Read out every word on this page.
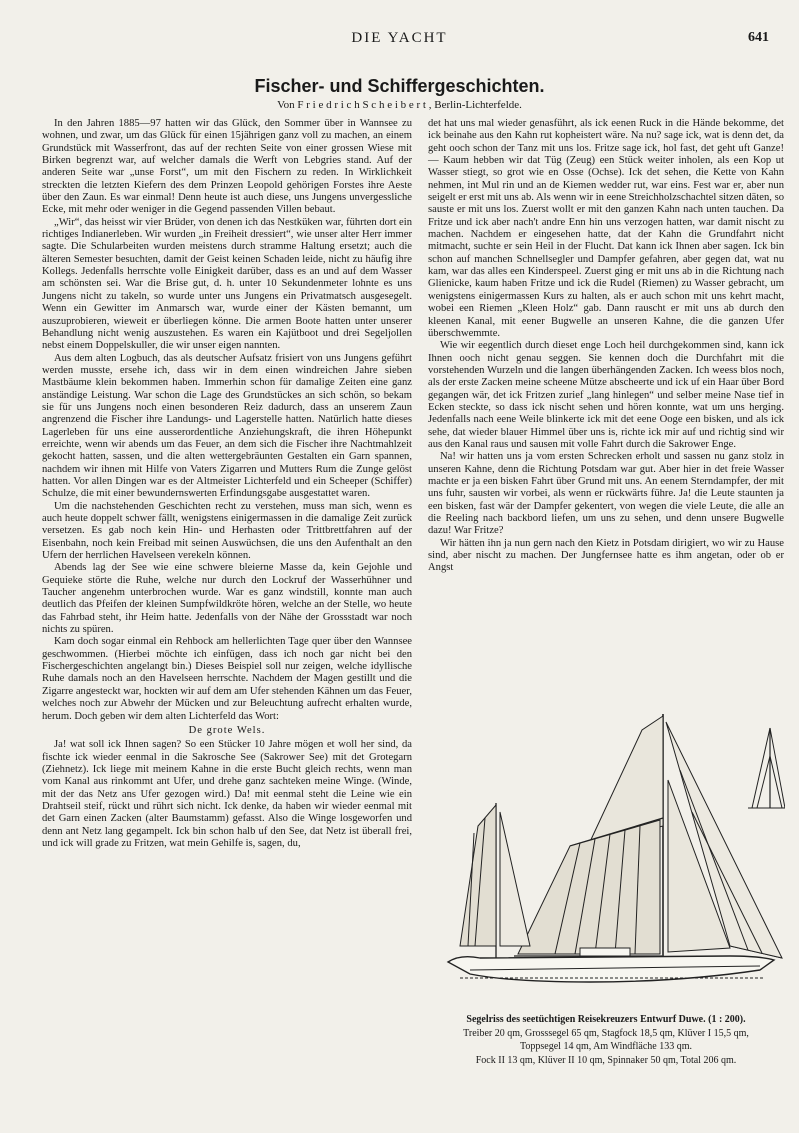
DIE YACHT	641
Fischer- und Schiffergeschichten.
Von F r i e d r i c h S c h e i b e r t , Berlin-Lichterfelde.

In den Jahren 1885—97 hatten wir das Glück, den Sommer über in Wannsee zu wohnen, und zwar, um das Glück für einen 15jährigen ganz voll zu machen, an einem Grundstück mit Wasserfront, das auf der rechten Seite von einer grossen Wiese mit Birken begrenzt war, auf welcher damals die Werft von Lebgries stand. Auf der anderen Seite war „unse Forst“, um mit den Fischern zu reden. In Wirklichkeit streckten die letzten Kiefern des dem Prinzen Leopold gehörigen Forstes ihre Aeste über den Zaun. Es war einmal! Denn heute ist auch diese, uns Jungens unvergessliche Ecke, mit mehr oder weniger in die Gegend passenden Villen bebaut.

„Wir“, das heisst wir vier Brüder, von denen ich das Nestküken war, führten dort ein richtiges Indianerleben. Wir wurden „in Freiheit dressiert“, wie unser alter Herr immer sagte. Die Schularbeiten wurden meistens durch stramme Haltung ersetzt; auch die älteren Semester besuchten, damit der Geist keinen Schaden leide, nicht zu häufig ihre Kollegs. Jedenfalls herrschte volle Einigkeit darüber, dass es an und auf dem Wasser am schönsten sei. War die Brise gut, d. h. unter 10 Sekundenmeter lohnte es uns Jungens nicht zu takeln, so wurde unter uns Jungens ein Privatmatsch ausgesegelt. Wenn ein Gewitter im Anmarsch war, wurde einer der Kästen bemannt, um auszuprobieren, wieweit er überliegen könne. Die armen Boote hatten unter unserer Behandlung nicht wenig auszustehen. Es waren ein Kajütboot und drei Segeljollen nebst einem Doppelskuller, die wir unser eigen nannten.

Aus dem alten Logbuch, das als deutscher Aufsatz frisiert von uns Jungens geführt werden musste, ersehe ich, dass wir in dem einen windreichen Jahre sieben Mastbäume klein bekommen haben. Immerhin schon für damalige Zeiten eine ganz anständige Leistung. War schon die Lage des Grundstückes an sich schön, so bekam sie für uns Jungens noch einen besonderen Reiz dadurch, dass an unserem Zaun angrenzend die Fischer ihre Landungs- und Lagerstelle hatten. Natürlich hatte dieses Lagerleben für uns eine ausserordentliche Anziehungskraft, die ihren Höhepunkt erreichte, wenn wir abends um das Feuer, an dem sich die Fischer ihre Nachtmahlzeit gekocht hatten, sassen, und die alten wettergebräunten Gestalten ein Garn spannen, nachdem wir ihnen mit Hilfe von Vaters Zigarren und Mutters Rum die Zunge gelöst hatten. Vor allen Dingen war es der Altmeister Lichterfeld und ein Scheeper (Schiffer) Schulze, die mit einer bewundernswerten Erfindungsgabe ausgestattet waren.

Um die nachstehenden Geschichten recht zu verstehen, muss man sich, wenn es auch heute doppelt schwer fällt, wenigstens einigermassen in die damalige Zeit zurück versetzen. Es gab noch kein Hin- und Herhasten oder Trittbrettfahren auf der Eisenbahn, noch kein Freibad mit seinen Auswüchsen, die uns den Aufenthalt an den Ufern der herrlichen Havelseen verekeln können.

Abends lag der See wie eine schwere bleierne Masse da, kein Gejohle und Gequieke störte die Ruhe, welche nur durch den Lockruf der Wasserhühner und Taucher angenehm unterbrochen wurde. War es ganz windstill, konnte man auch deutlich das Pfeifen der kleinen Sumpfwildkröte hören, welche an der Stelle, wo heute das Fahrbad steht, ihr Heim hatte. Jedenfalls von der Nähe der Grossstadt war noch nichts zu spüren.

Kam doch sogar einmal ein Rehbock am hellerlichten Tage quer über den Wannsee geschwommen. (Hierbei möchte ich einfügen, dass ich noch gar nicht bei den Fischergeschichten angelangt bin.) Dieses Beispiel soll nur zeigen, welche idyllische Ruhe damals noch an den Havelseen herrschte. Nachdem der Magen gestillt und die Zigarre angesteckt war, hockten wir auf dem am Ufer stehenden Kähnen um das Feuer, welches noch zur Abwehr der Mücken und zur Beleuchtung aufrecht erhalten wurde, herum. Doch geben wir dem alten Lichterfeld das Wort:

De grote Wels.

Ja! wat soll ick Ihnen sagen? So een Stücker 10 Jahre mögen et woll her sind, da fischte ick wieder eenmal in die Sakrosche See (Sakrower See) mit det Grotegarn (Ziehnetz). Ick liege mit meinem Kahne in die erste Bucht gleich rechts, wenn man vom Kanal aus rinkommt ant Ufer, und drehe ganz sachteken meine Winge. (Winde, mit der das Netz ans Ufer gezogen wird.) Da! mit eenmal steht die Leine wie ein Drahtseil steif, rückt und rührt sich nicht. Ick denke, da haben wir wieder eenmal mit det Garn einen Zacken (alter Baumstamm) gefasst. Also die Winge losgeworfen und denn ant Netz lang gegampelt. Ick bin schon halb uf den See, dat Netz ist überall frei, und ick will grade zu Fritzen, wat mein Gehilfe is, sagen, du,

det hat uns mal wieder genasführt, als ick eenen Ruck in die Hände bekomme, det ick beinahe aus den Kahn rut kopheistert wäre. Na nu? sage ick, wat is denn det, da geht ooch schon der Tanz mit uns los. Fritze sage ick, hol fast, det geht uft Ganze! — Kaum hebben wir dat Tüg (Zeug) een Stück weiter inholen, als een Kop ut Wasser stiegt, so grot wie en Osse (Ochse). Ick det sehen, die Kette von Kahn nehmen, int Mul rin und an de Kiemen wedder rut, war eins. Fest war er, aber nun seigelt er erst mit uns ab. Als wenn wir in eene Streichholzschachtel sitzen däten, so sauste er mit uns los. Zuerst wollt er mit den ganzen Kahn nach unten tauchen. Da Fritze und ick aber nach't andre Enn hin uns verzogen hatten, war damit nischt zu machen. Nachdem er eingesehen hatte, dat der Kahn die Grundfahrt nicht mitmacht, suchte er sein Heil in der Flucht. Dat kann ick Ihnen aber sagen. Ick bin schon auf manchen Schnellsegler und Dampfer gefahren, aber gegen dat, wat nu kam, war das alles een Kinderspeel. Zuerst ging er mit uns ab in die Richtung nach Glienicke, kaum haben Fritze und ick die Rudel (Riemen) zu Wasser gebracht, um wenigstens einigermassen Kurs zu halten, als er auch schon mit uns kehrt macht, wobei een Riemen „Kleen Holz“ gab. Dann rauscht er mit uns ab durch den kleenen Kanal, mit eener Bugwelle an unseren Kahne, die die ganzen Ufer überschwemmte.

Wie wir eegentlich durch dieset enge Loch heil durchgekommen sind, kann ick Ihnen ooch nicht genau seggen. Sie kennen doch die Durchfahrt mit die vorstehenden Wurzeln und die langen überhängenden Zacken. Ich weess blos noch, als der erste Zacken meine scheene Mütze abscheerte und ick uf ein Haar über Bord gegangen wär, det ick Fritzen zurief „lang hinlegen“ und selber meine Nase tief in Ecken steckte, so dass ick nischt sehen und hören konnte, wat um uns herging. Jedenfalls nach eene Weile blinkerte ick mit det eene Ooge een bisken, und als ick sehe, dat wieder blauer Himmel über uns is, richte ick mir auf und richtig sind wir aus den Kanal raus und sausen mit volle Fahrt durch die Sakrower Enge.

Na! wir hatten uns ja vom ersten Schrecken erholt und sassen nu ganz stolz in unseren Kahne, denn die Richtung Potsdam war gut. Aber hier in det freie Wasser machte er ja een bisken Fahrt über Grund mit uns. An eenem Sterndampfer, der mit uns fuhr, sausten wir vorbei, als wenn er rückwärts führe. Ja! die Leute staunten ja een bisken, fast wär der Dampfer gekentert, von wegen die viele Leute, die alle an die Reeling nach backbord liefen, um uns zu sehen, und denn unsere Bugwelle dazu! War Fritze?

Wir hätten ihn ja nun gern nach den Kietz in Potsdam dirigiert, wo wir zu Hause sind, aber nischt zu machen. Der Jungfernsee hatte es ihm angetan, oder ob er Angst

Segelriss des seetüchtigen Reisekreuzers Entwurf Duwe. (1 : 200).
Treiber 20 qm, Grosssegel 65 qm, Stagfock 18,5 qm, Klüver I 15,5 qm,
Toppsegel 14 qm, Am Windfläche 133 qm.
Fock II 13 qm, Klüver II 10 qm, Spinnaker 50 qm, Total 206 qm.
